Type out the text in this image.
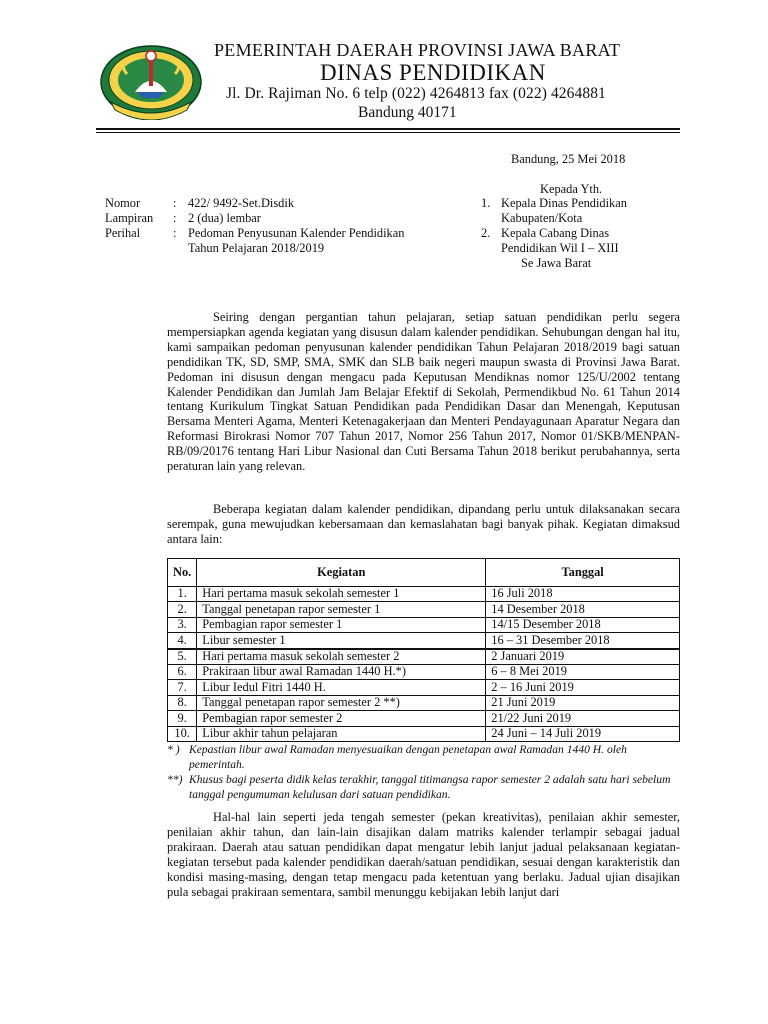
PEMERINTAH DAERAH PROVINSI JAWA BARAT
DINAS PENDIDIKAN
Jl. Dr. Rajiman No. 6 telp (022) 4264813 fax (022) 4264881
Bandung 40171
Bandung, 25 Mei 2018
Nomor	: 422/ 9492-Set.Disdik
Lampiran : 2 (dua) lembar
Perihal	: Pedoman Penyusunan Kalender Pendidikan
Tahun Pelajaran 2018/2019
Kepada Yth.
1. Kepala Dinas Pendidikan
Kabupaten/Kota
2. Kepala Cabang Dinas
Pendidikan Wil I – XIII
Se Jawa Barat

Seiring dengan pergantian tahun pelajaran, setiap satuan pendidikan perlu segera mempersiapkan agenda kegiatan yang disusun dalam kalender pendidikan. Sehubungan dengan hal itu, kami sampaikan pedoman penyusunan kalender pendidikan Tahun Pelajaran 2018/2019 bagi satuan pendidikan TK, SD, SMP, SMA, SMK dan SLB baik negeri maupun swasta di Provinsi Jawa Barat. Pedoman ini disusun dengan mengacu pada Keputusan Mendiknas nomor 125/U/2002 tentang Kalender Pendidikan dan Jumlah Jam Belajar Efektif di Sekolah, Permendikbud No. 61 Tahun 2014 tentang Kurikulum Tingkat Satuan Pendidikan pada Pendidikan Dasar dan Menengah, Keputusan Bersama Menteri Agama, Menteri Ketenagakerjaan dan Menteri Pendayagunaan Aparatur Negara dan Reformasi Birokrasi Nomor 707 Tahun 2017, Nomor 256 Tahun 2017, Nomor 01/SKB/MENPAN-RB/09/20176 tentang Hari Libur Nasional dan Cuti Bersama Tahun 2018 berikut perubahannya, serta peraturan lain yang relevan.

Beberapa kegiatan dalam kalender pendidikan, dipandang perlu untuk dilaksanakan secara serempak, guna mewujudkan kebersamaan dan kemaslahatan bagi banyak pihak. Kegiatan dimaksud antara lain:

No.	Kegiatan	Tanggal
1.	Hari pertama masuk sekolah semester 1	16 Juli 2018
2.	Tanggal penetapan rapor semester 1	14 Desember 2018
3.	Pembagian rapor semester 1	14/15 Desember 2018
4.	Libur semester 1	16 – 31 Desember 2018
5.	Hari pertama masuk sekolah semester 2	2 Januari 2019
6.	Prakiraan libur awal Ramadan 1440 H.*)	6 – 8 Mei 2019
7.	Libur Iedul Fitri 1440 H.	2 – 16 Juni 2019
8.	Tanggal penetapan rapor semester 2 **)	21 Juni 2019
9.	Pembagian rapor semester 2	21/22 Juni 2019
10.	Libur akhir tahun pelajaran	24 Juni – 14 Juli 2019
* ) Kepastian libur awal Ramadan menyesuaikan dengan penetapan awal Ramadan 1440 H. oleh pemerintah.
**) Khusus bagi peserta didik kelas terakhir, tanggal titimangsa rapor semester 2 adalah satu hari sebelum tanggal pengumuman kelulusan dari satuan pendidikan.

Hal-hal lain seperti jeda tengah semester (pekan kreativitas), penilaian akhir semester, penilaian akhir tahun, dan lain-lain disajikan dalam matriks kalender terlampir sebagai jadual prakiraan. Daerah atau satuan pendidikan dapat mengatur lebih lanjut jadual pelaksanaan kegiatan-kegiatan tersebut pada kalender pendidikan daerah/satuan pendidikan, sesuai dengan karakteristik dan kondisi masing-masing, dengan tetap mengacu pada ketentuan yang berlaku. Jadual ujian disajikan pula sebagai prakiraan sementara, sambil menunggu kebijakan lebih lanjut dari
